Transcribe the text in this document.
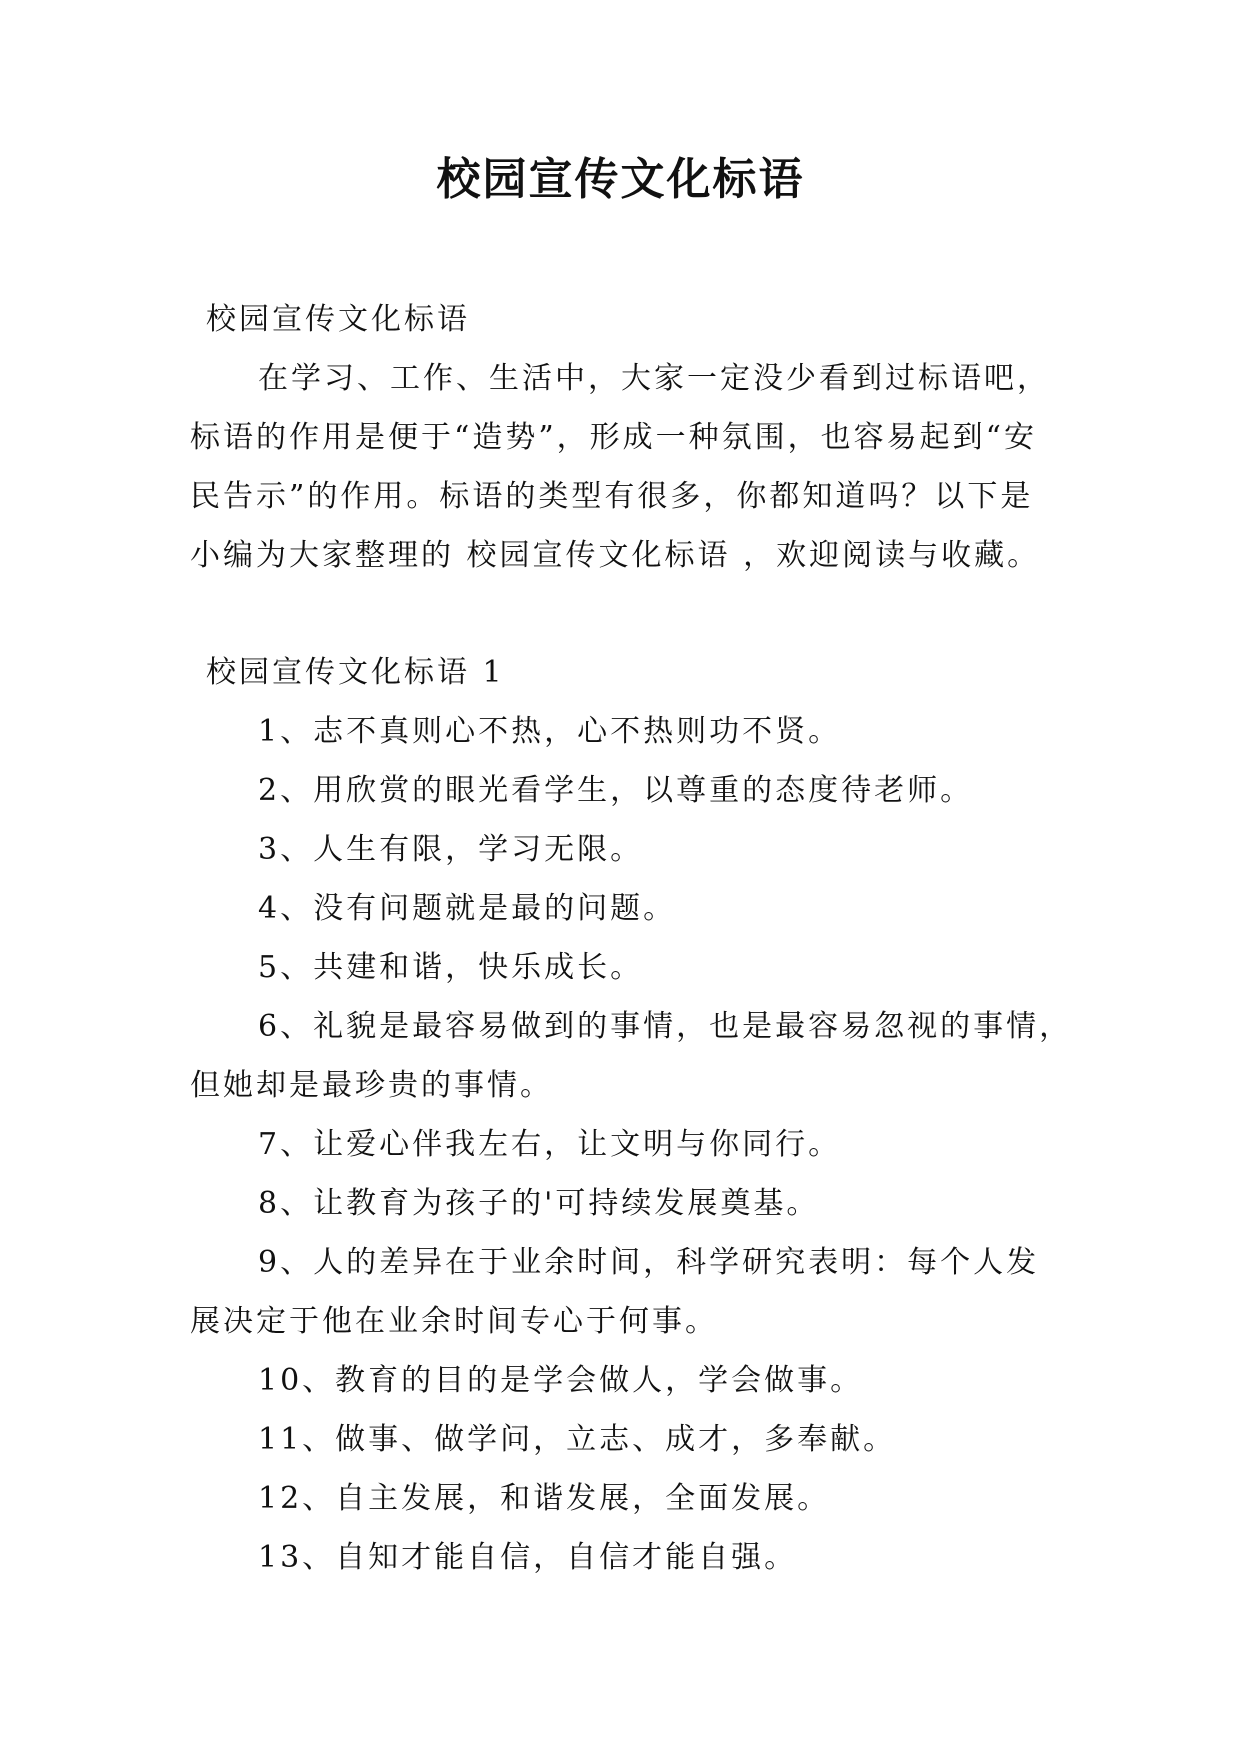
校园宣传文化标语
校园宣传文化标语
在学习、工作、生活中，大家一定没少看到过标语吧，
标语的作用是便于“造势”，形成一种氛围，也容易起到“安
民告示”的作用。标语的类型有很多，你都知道吗？以下是
小编为大家整理的 校园宣传文化标语 ，欢迎阅读与收藏。
校园宣传文化标语 1
1、志不真则心不热，心不热则功不贤。
2、用欣赏的眼光看学生，以尊重的态度待老师。
3、人生有限，学习无限。
4、没有问题就是最的问题。
5、共建和谐，快乐成长。
6、礼貌是最容易做到的事情，也是最容易忽视的事情，
但她却是最珍贵的事情。
7、让爱心伴我左右，让文明与你同行。
8、让教育为孩子的'可持续发展奠基。
9、人的差异在于业余时间，科学研究表明：每个人发
展决定于他在业余时间专心于何事。
10、教育的目的是学会做人，学会做事。
11、做事、做学问，立志、成才，多奉献。
12、自主发展，和谐发展，全面发展。
13、自知才能自信，自信才能自强。
